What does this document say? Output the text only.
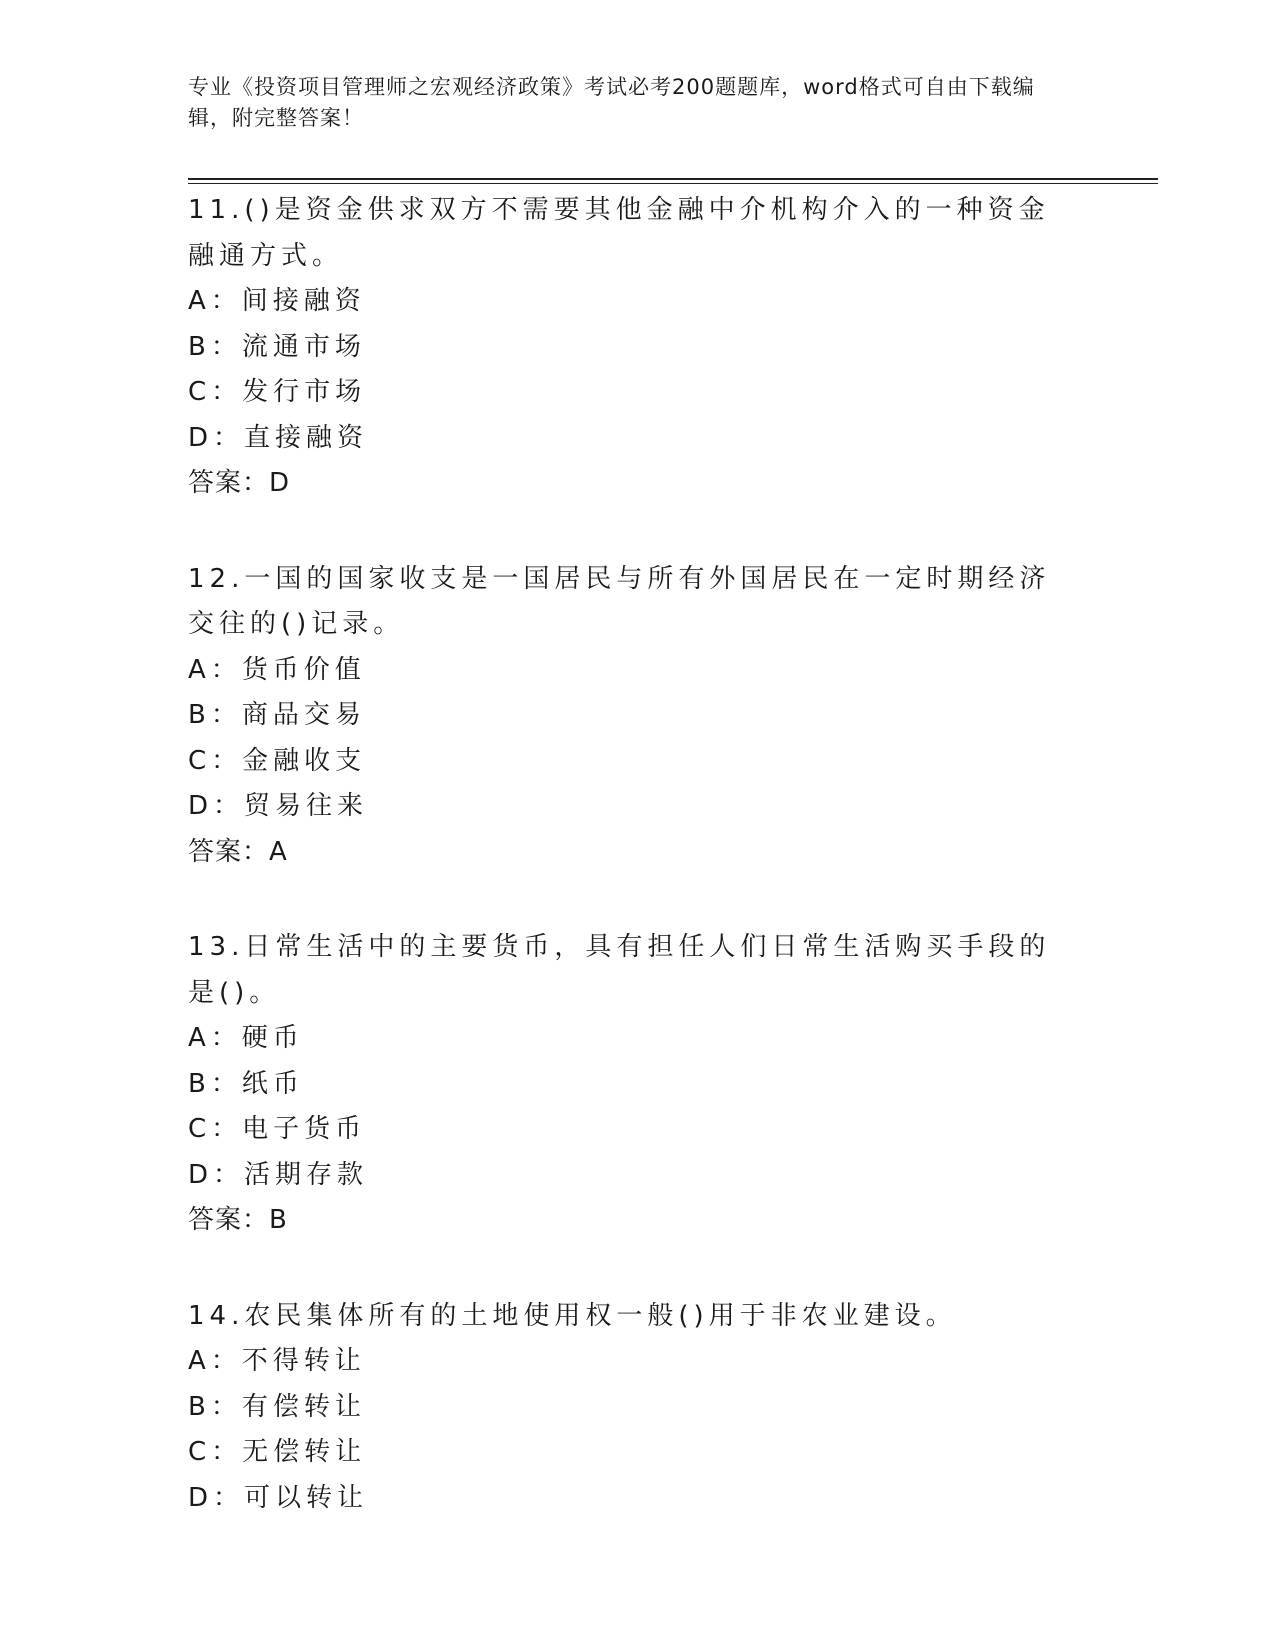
专业《投资项目管理师之宏观经济政策》考试必考200题题库，word格式可自由下载编辑，附完整答案！
11.()是资金供求双方不需要其他金融中介机构介入的一种资金融通方式。
A：间接融资
B：流通市场
C：发行市场
D：直接融资
答案：D
12.一国的国家收支是一国居民与所有外国居民在一定时期经济交往的()记录。
A：货币价值
B：商品交易
C：金融收支
D：贸易往来
答案：A
13.日常生活中的主要货币，具有担任人们日常生活购买手段的是()。
A：硬币
B：纸币
C：电子货币
D：活期存款
答案：B
14.农民集体所有的土地使用权一般()用于非农业建设。
A：不得转让
B：有偿转让
C：无偿转让
D：可以转让
